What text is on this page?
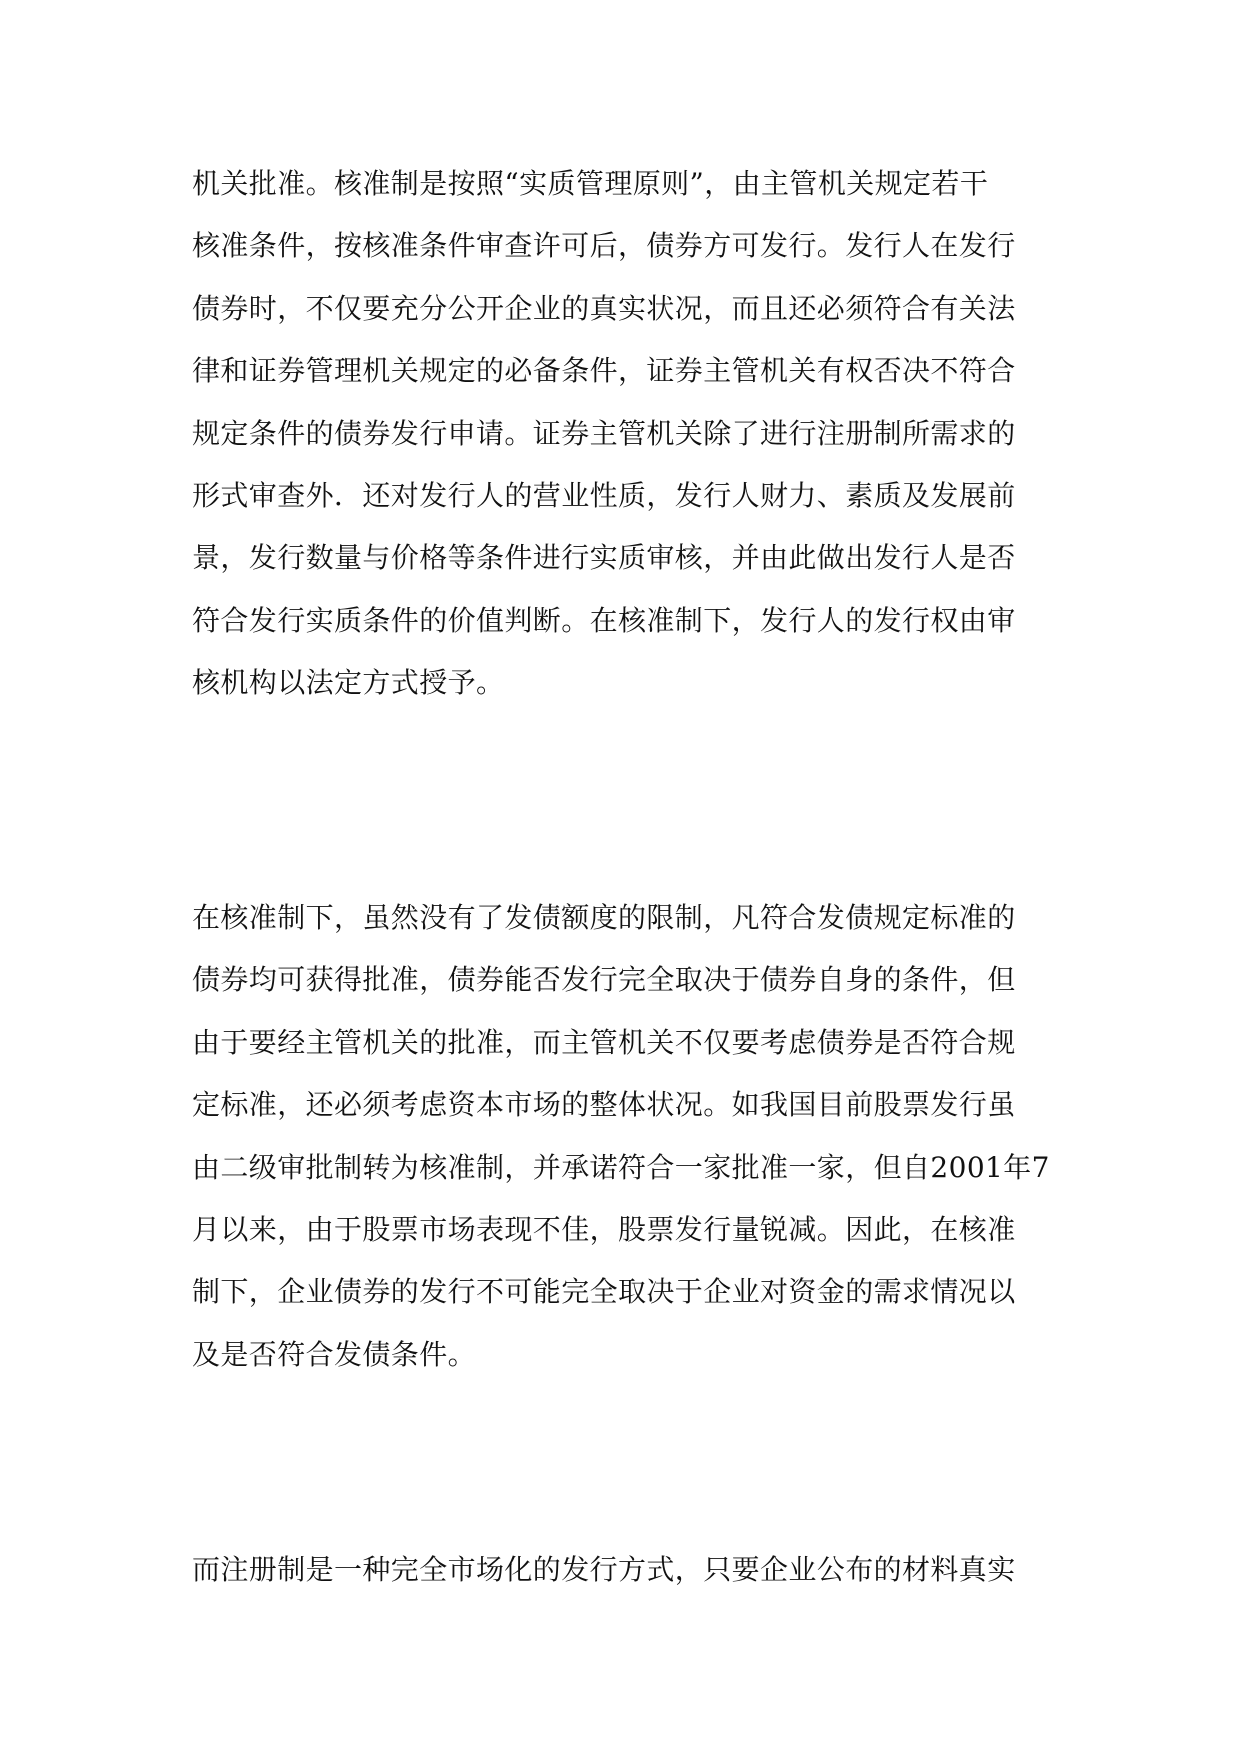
机关批准。核准制是按照“实质管理原则”，由主管机关规定若干
核准条件，按核准条件审查许可后，债券方可发行。发行人在发行
债券时，不仅要充分公开企业的真实状况，而且还必须符合有关法
律和证券管理机关规定的必备条件，证券主管机关有权否决不符合
规定条件的债券发行申请。证券主管机关除了进行注册制所需求的
形式审查外．还对发行人的营业性质，发行人财力、素质及发展前
景，发行数量与价格等条件进行实质审核，并由此做出发行人是否
符合发行实质条件的价值判断。在核准制下，发行人的发行权由审
核机构以法定方式授予。

在核准制下，虽然没有了发债额度的限制，凡符合发债规定标准的
债券均可获得批准，债券能否发行完全取决于债券自身的条件，但
由于要经主管机关的批准，而主管机关不仅要考虑债券是否符合规
定标准，还必须考虑资本市场的整体状况。如我国目前股票发行虽
由二级审批制转为核准制，并承诺符合一家批准一家，但自2001年7
月以来，由于股票市场表现不佳，股票发行量锐减。因此，在核准
制下，企业债券的发行不可能完全取决于企业对资金的需求情况以
及是否符合发债条件。

而注册制是一种完全市场化的发行方式，只要企业公布的材料真实
